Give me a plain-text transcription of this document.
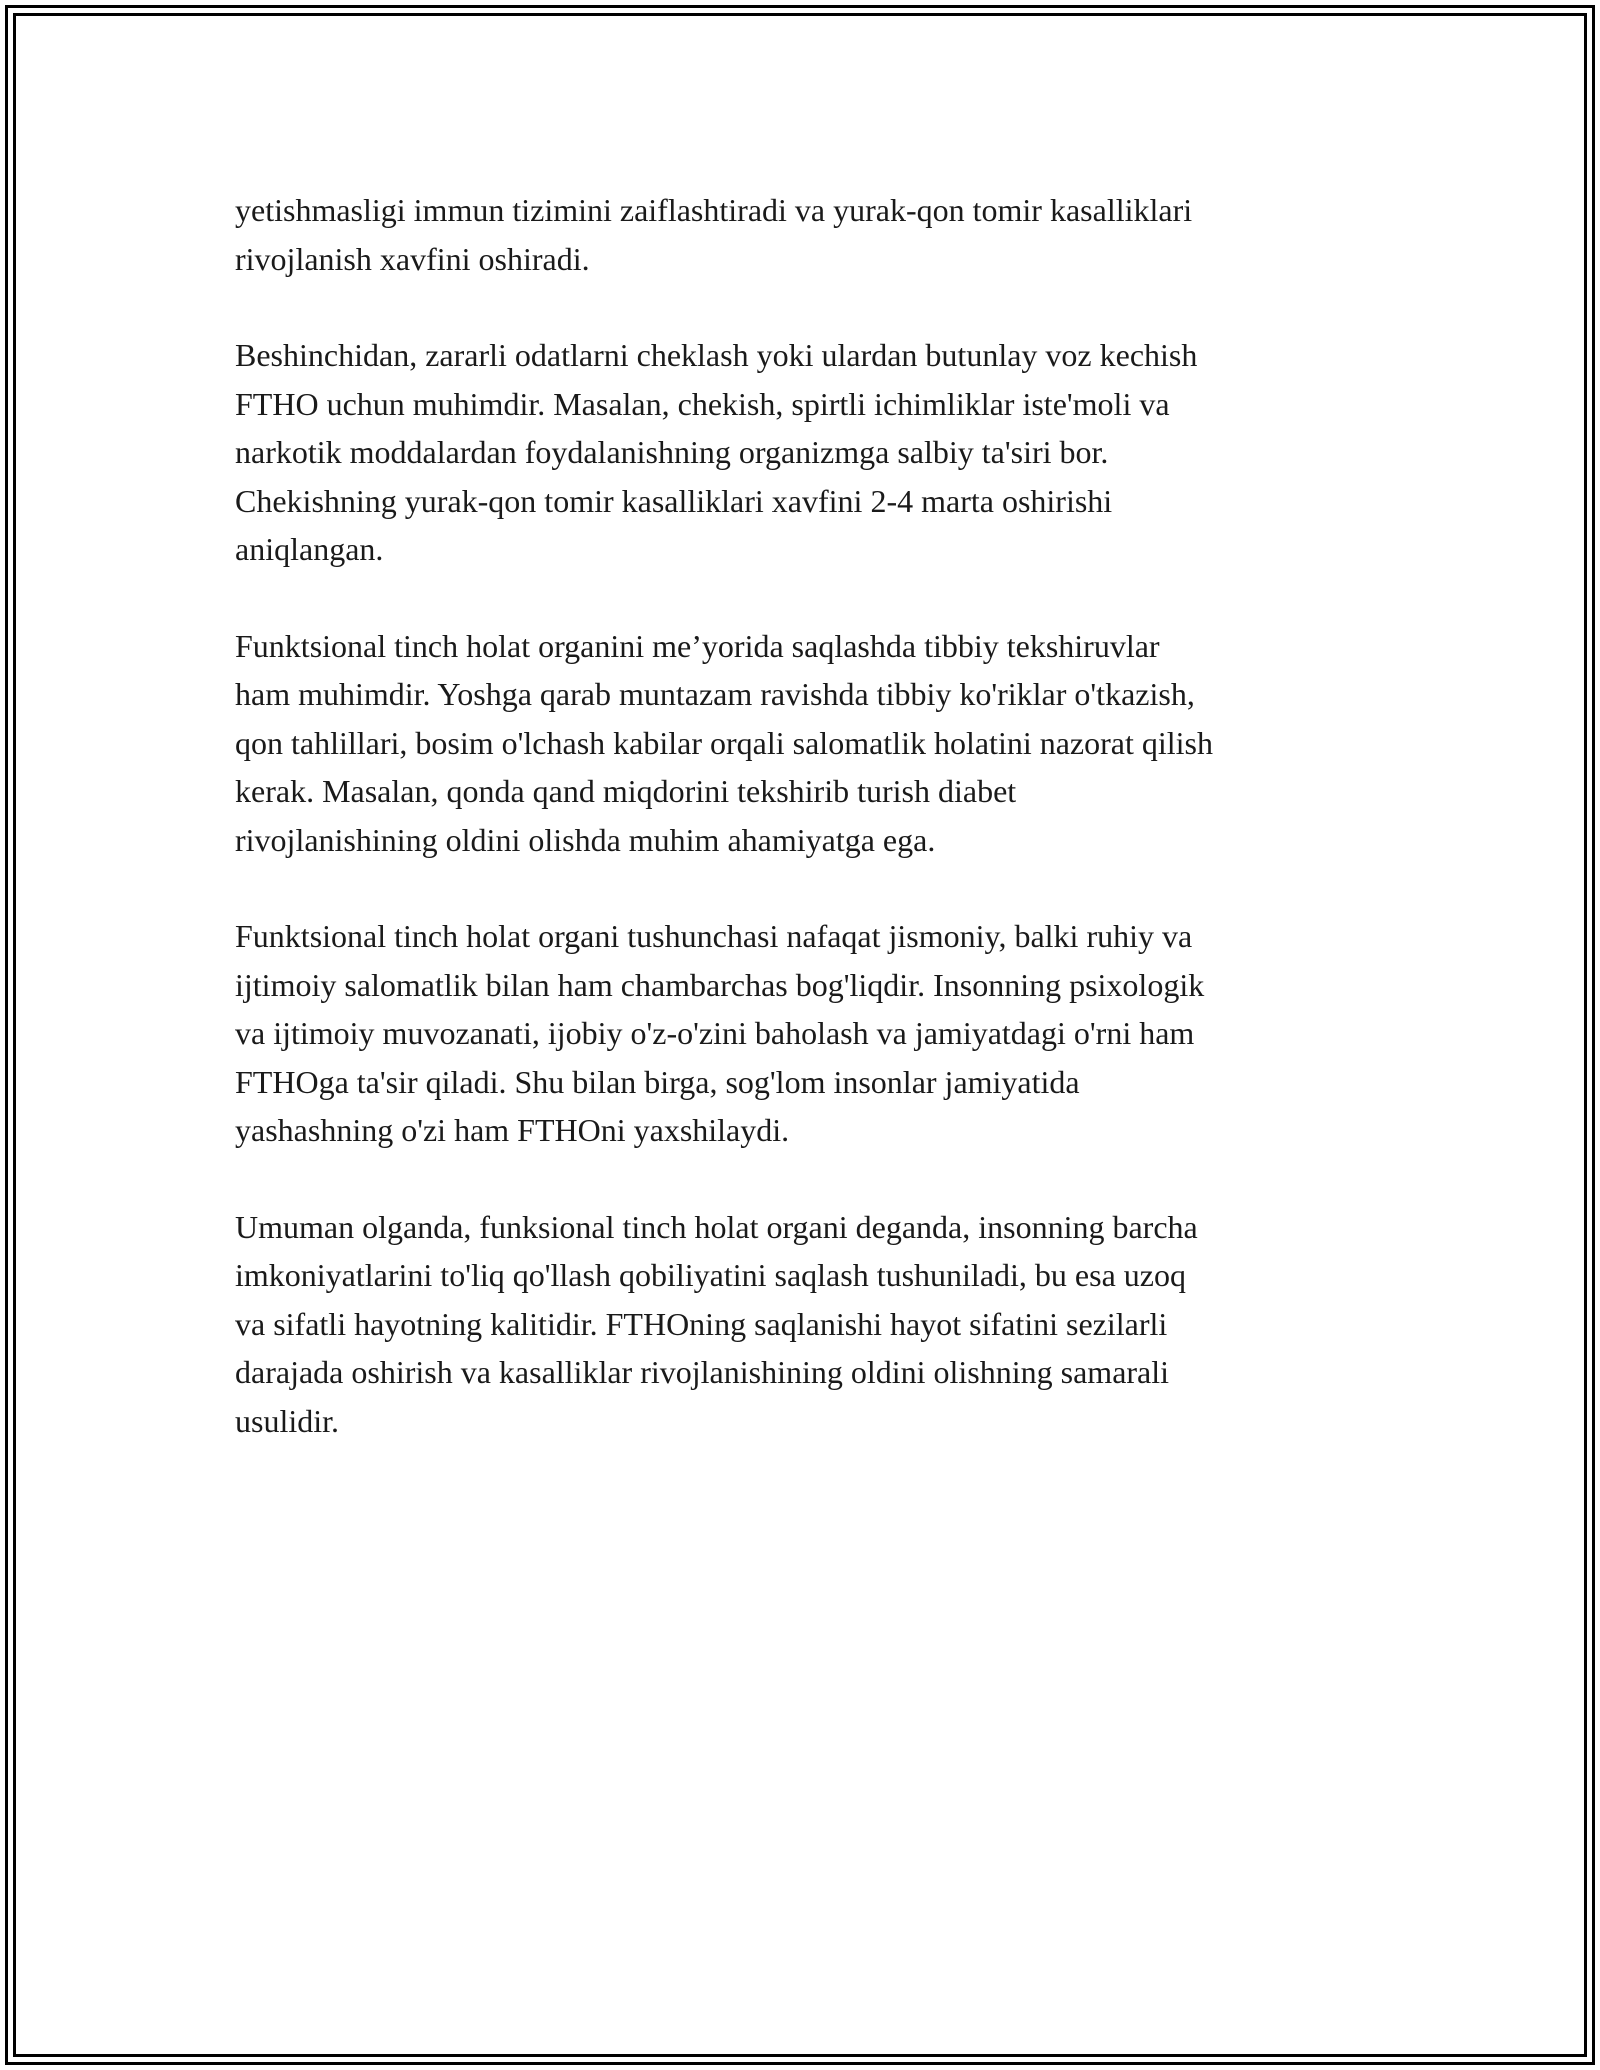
yetishmasligi immun tizimini zaiflashtiradi va yurak-qon tomir kasalliklari
rivojlanish xavfini oshiradi.

Beshinchidan, zararli odatlarni cheklash yoki ulardan butunlay voz kechish
FTHO uchun muhimdir. Masalan, chekish, spirtli ichimliklar iste'moli va
narkotik moddalardan foydalanishning organizmga salbiy ta'siri bor.
Chekishning yurak-qon tomir kasalliklari xavfini 2-4 marta oshirishi
aniqlangan.

Funktsional tinch holat organini me’yorida saqlashda tibbiy tekshiruvlar
ham muhimdir. Yoshga qarab muntazam ravishda tibbiy ko'riklar o'tkazish,
qon tahlillari, bosim o'lchash kabilar orqali salomatlik holatini nazorat qilish
kerak. Masalan, qonda qand miqdorini tekshirib turish diabet
rivojlanishining oldini olishda muhim ahamiyatga ega.

Funktsional tinch holat organi tushunchasi nafaqat jismoniy, balki ruhiy va
ijtimoiy salomatlik bilan ham chambarchas bog'liqdir. Insonning psixologik
va ijtimoiy muvozanati, ijobiy o'z-o'zini baholash va jamiyatdagi o'rni ham
FTHOga ta'sir qiladi. Shu bilan birga, sog'lom insonlar jamiyatida
yashashning o'zi ham FTHOni yaxshilaydi.

Umuman olganda, funksional tinch holat organi deganda, insonning barcha
imkoniyatlarini to'liq qo'llash qobiliyatini saqlash tushuniladi, bu esa uzoq
va sifatli hayotning kalitidir. FTHOning saqlanishi hayot sifatini sezilarli
darajada oshirish va kasalliklar rivojlanishining oldini olishning samarali
usulidir.
